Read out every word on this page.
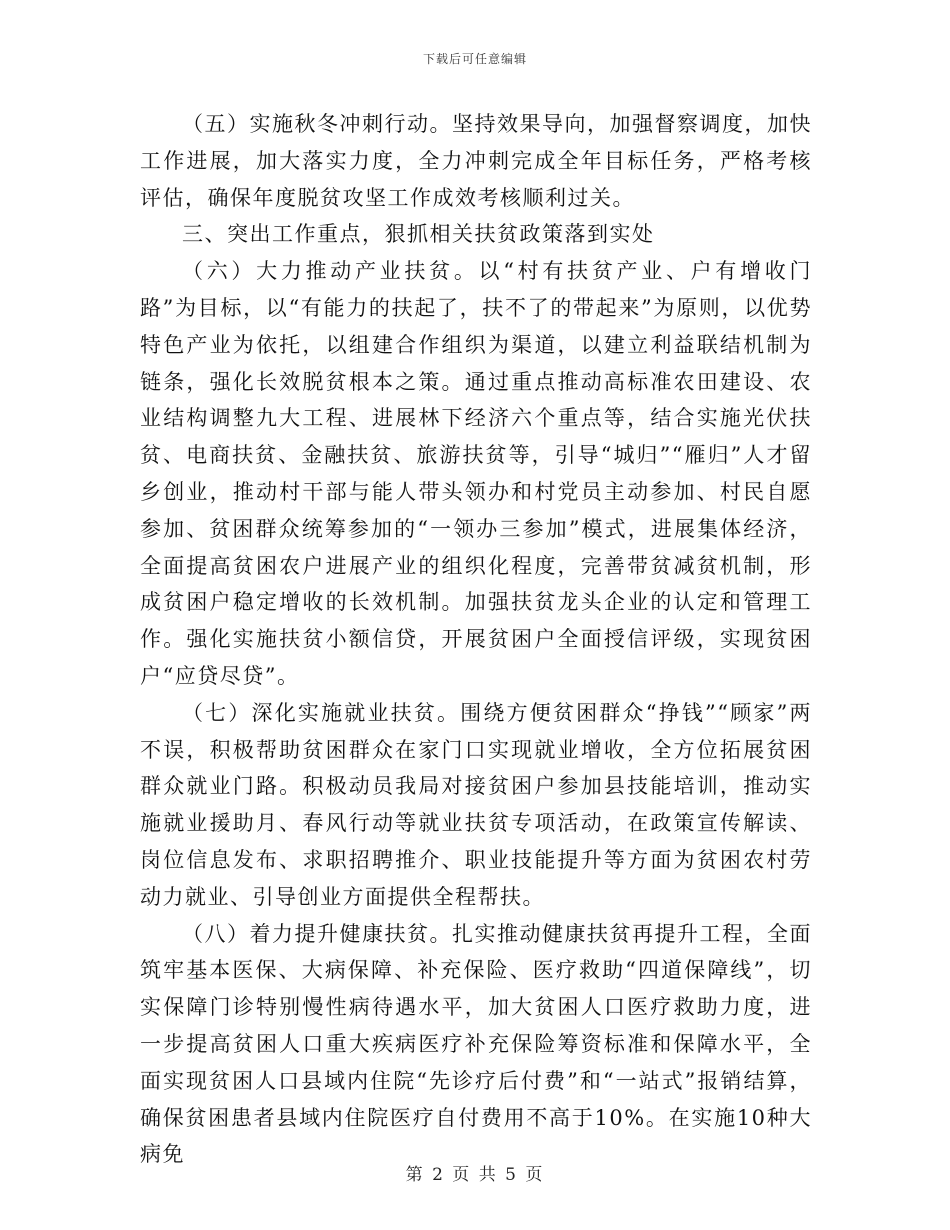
下载后可任意编辑

（五）实施秋冬冲刺行动。坚持效果导向，加强督察调度，加快工作进展，加大落实力度，全力冲刺完成全年目标任务，严格考核评估，确保年度脱贫攻坚工作成效考核顺利过关。

三、突出工作重点，狠抓相关扶贫政策落到实处

（六）大力推动产业扶贫。以“村有扶贫产业、户有增收门路”为目标，以“有能力的扶起了，扶不了的带起来”为原则，以优势特色产业为依托，以组建合作组织为渠道，以建立利益联结机制为链条，强化长效脱贫根本之策。通过重点推动高标准农田建设、农业结构调整九大工程、进展林下经济六个重点等，结合实施光伏扶贫、电商扶贫、金融扶贫、旅游扶贫等，引导“城归”“雁归”人才留乡创业，推动村干部与能人带头领办和村党员主动参加、村民自愿参加、贫困群众统筹参加的“一领办三参加”模式，进展集体经济，全面提高贫困农户进展产业的组织化程度，完善带贫减贫机制，形成贫困户稳定增收的长效机制。加强扶贫龙头企业的认定和管理工作。强化实施扶贫小额信贷，开展贫困户全面授信评级，实现贫困户“应贷尽贷”。

（七）深化实施就业扶贫。围绕方便贫困群众“挣钱”“顾家”两不误，积极帮助贫困群众在家门口实现就业增收，全方位拓展贫困群众就业门路。积极动员我局对接贫困户参加县技能培训，推动实施就业援助月、春风行动等就业扶贫专项活动，在政策宣传解读、岗位信息发布、求职招聘推介、职业技能提升等方面为贫困农村劳动力就业、引导创业方面提供全程帮扶。

（八）着力提升健康扶贫。扎实推动健康扶贫再提升工程，全面筑牢基本医保、大病保障、补充保险、医疗救助“四道保障线”，切实保障门诊特别慢性病待遇水平，加大贫困人口医疗救助力度，进一步提高贫困人口重大疾病医疗补充保险筹资标准和保障水平，全面实现贫困人口县域内住院“先诊疗后付费”和“一站式”报销结算，确保贫困患者县域内住院医疗自付费用不高于10%。在实施10种大病免

第 2 页 共 5 页
